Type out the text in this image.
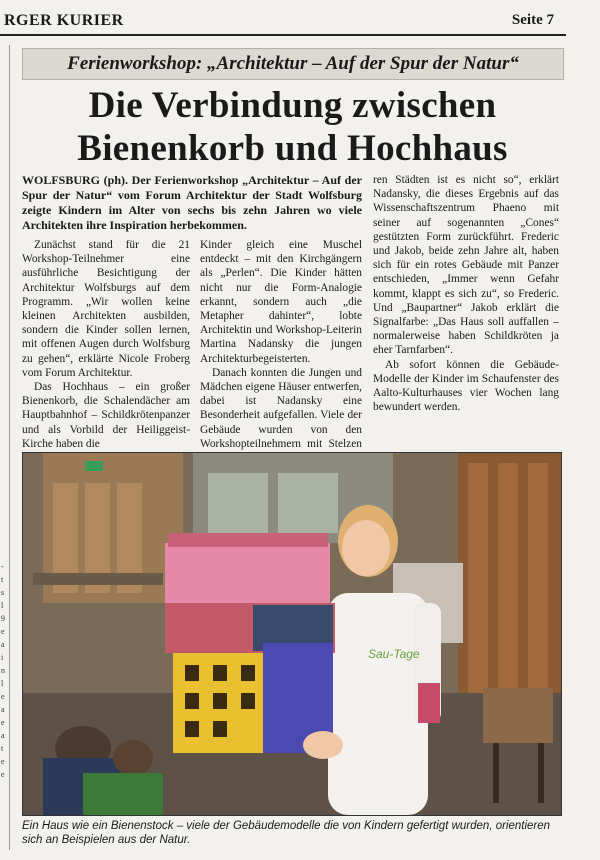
RGER KURIER	Seite 7
-
t
s
l
9
e
a
i
n
l
e
a
e
a
t
e
e
Ferienworkshop: „Architektur – Auf der Spur der Natur“
Die Verbindung zwischen
Bienenkorb und Hochhaus
WOLFSBURG (ph). Der Ferienworkshop „Architektur – Auf der Spur der Natur“ vom Forum Architektur der Stadt Wolfsburg zeigte Kindern im Alter von sechs bis zehn Jahren wo viele Architekten ihre Inspiration herbekommen.

Zunächst stand für die 21 Workshop-Teilnehmer eine ausführliche Besichtigung der Architektur Wolfsburgs auf dem Programm. „Wir wollen keine kleinen Architekten ausbilden, sondern die Kinder sollen lernen, mit offenen Augen durch Wolfsburg zu gehen“, erklärte Nicole Froberg vom Forum Architektur.

Das Hochhaus – ein großer Bienenkorb, die Schalendächer am Hauptbahnhof – Schildkrötenpanzer und als Vorbild der Heiliggeist-Kirche haben die

Kinder gleich eine Muschel entdeckt – mit den Kirchgängern als „Perlen“. Die Kinder hätten nicht nur die Form-Analogie erkannt, sondern auch „die Metapher dahinter“, lobte Architektin und Workshop-Leiterin Martina Nadansky die jungen Architekturbegeisterten.

Danach konnten die Jungen und Mädchen eigene Häuser entwerfen, dabei ist Nadansky eine Besonderheit aufgefallen. Viele der Gebäude wurden von den Workshopteilnehmern mit Stelzen

ren Städten ist es nicht so“, erklärt Nadansky, die dieses Ergebnis auf das Wissenschaftszentrum Phaeno mit seiner auf sogenannten „Cones“ gestützten Form zurückführt. Frederic und Jakob, beide zehn Jahre alt, haben sich für ein rotes Gebäude mit Panzer entschieden, „Immer wenn Gefahr kommt, klappt es sich zu“, so Frederic. Und „Baupartner“ Jakob erklärt die Signalfarbe: „Das Haus soll auffallen – normalerweise haben Schildkröten ja eher Tarnfarben“.

Ab sofort können die Gebäude-Modelle der Kinder im Schaufenster des Aalto-Kulturhauses vier Wochen lang bewundert werden.

Sau-Tage
Ein Haus wie ein Bienenstock – viele der Gebäudemodelle die von Kindern gefertigt wurden, orientieren sich an Beispielen aus der Natur.
